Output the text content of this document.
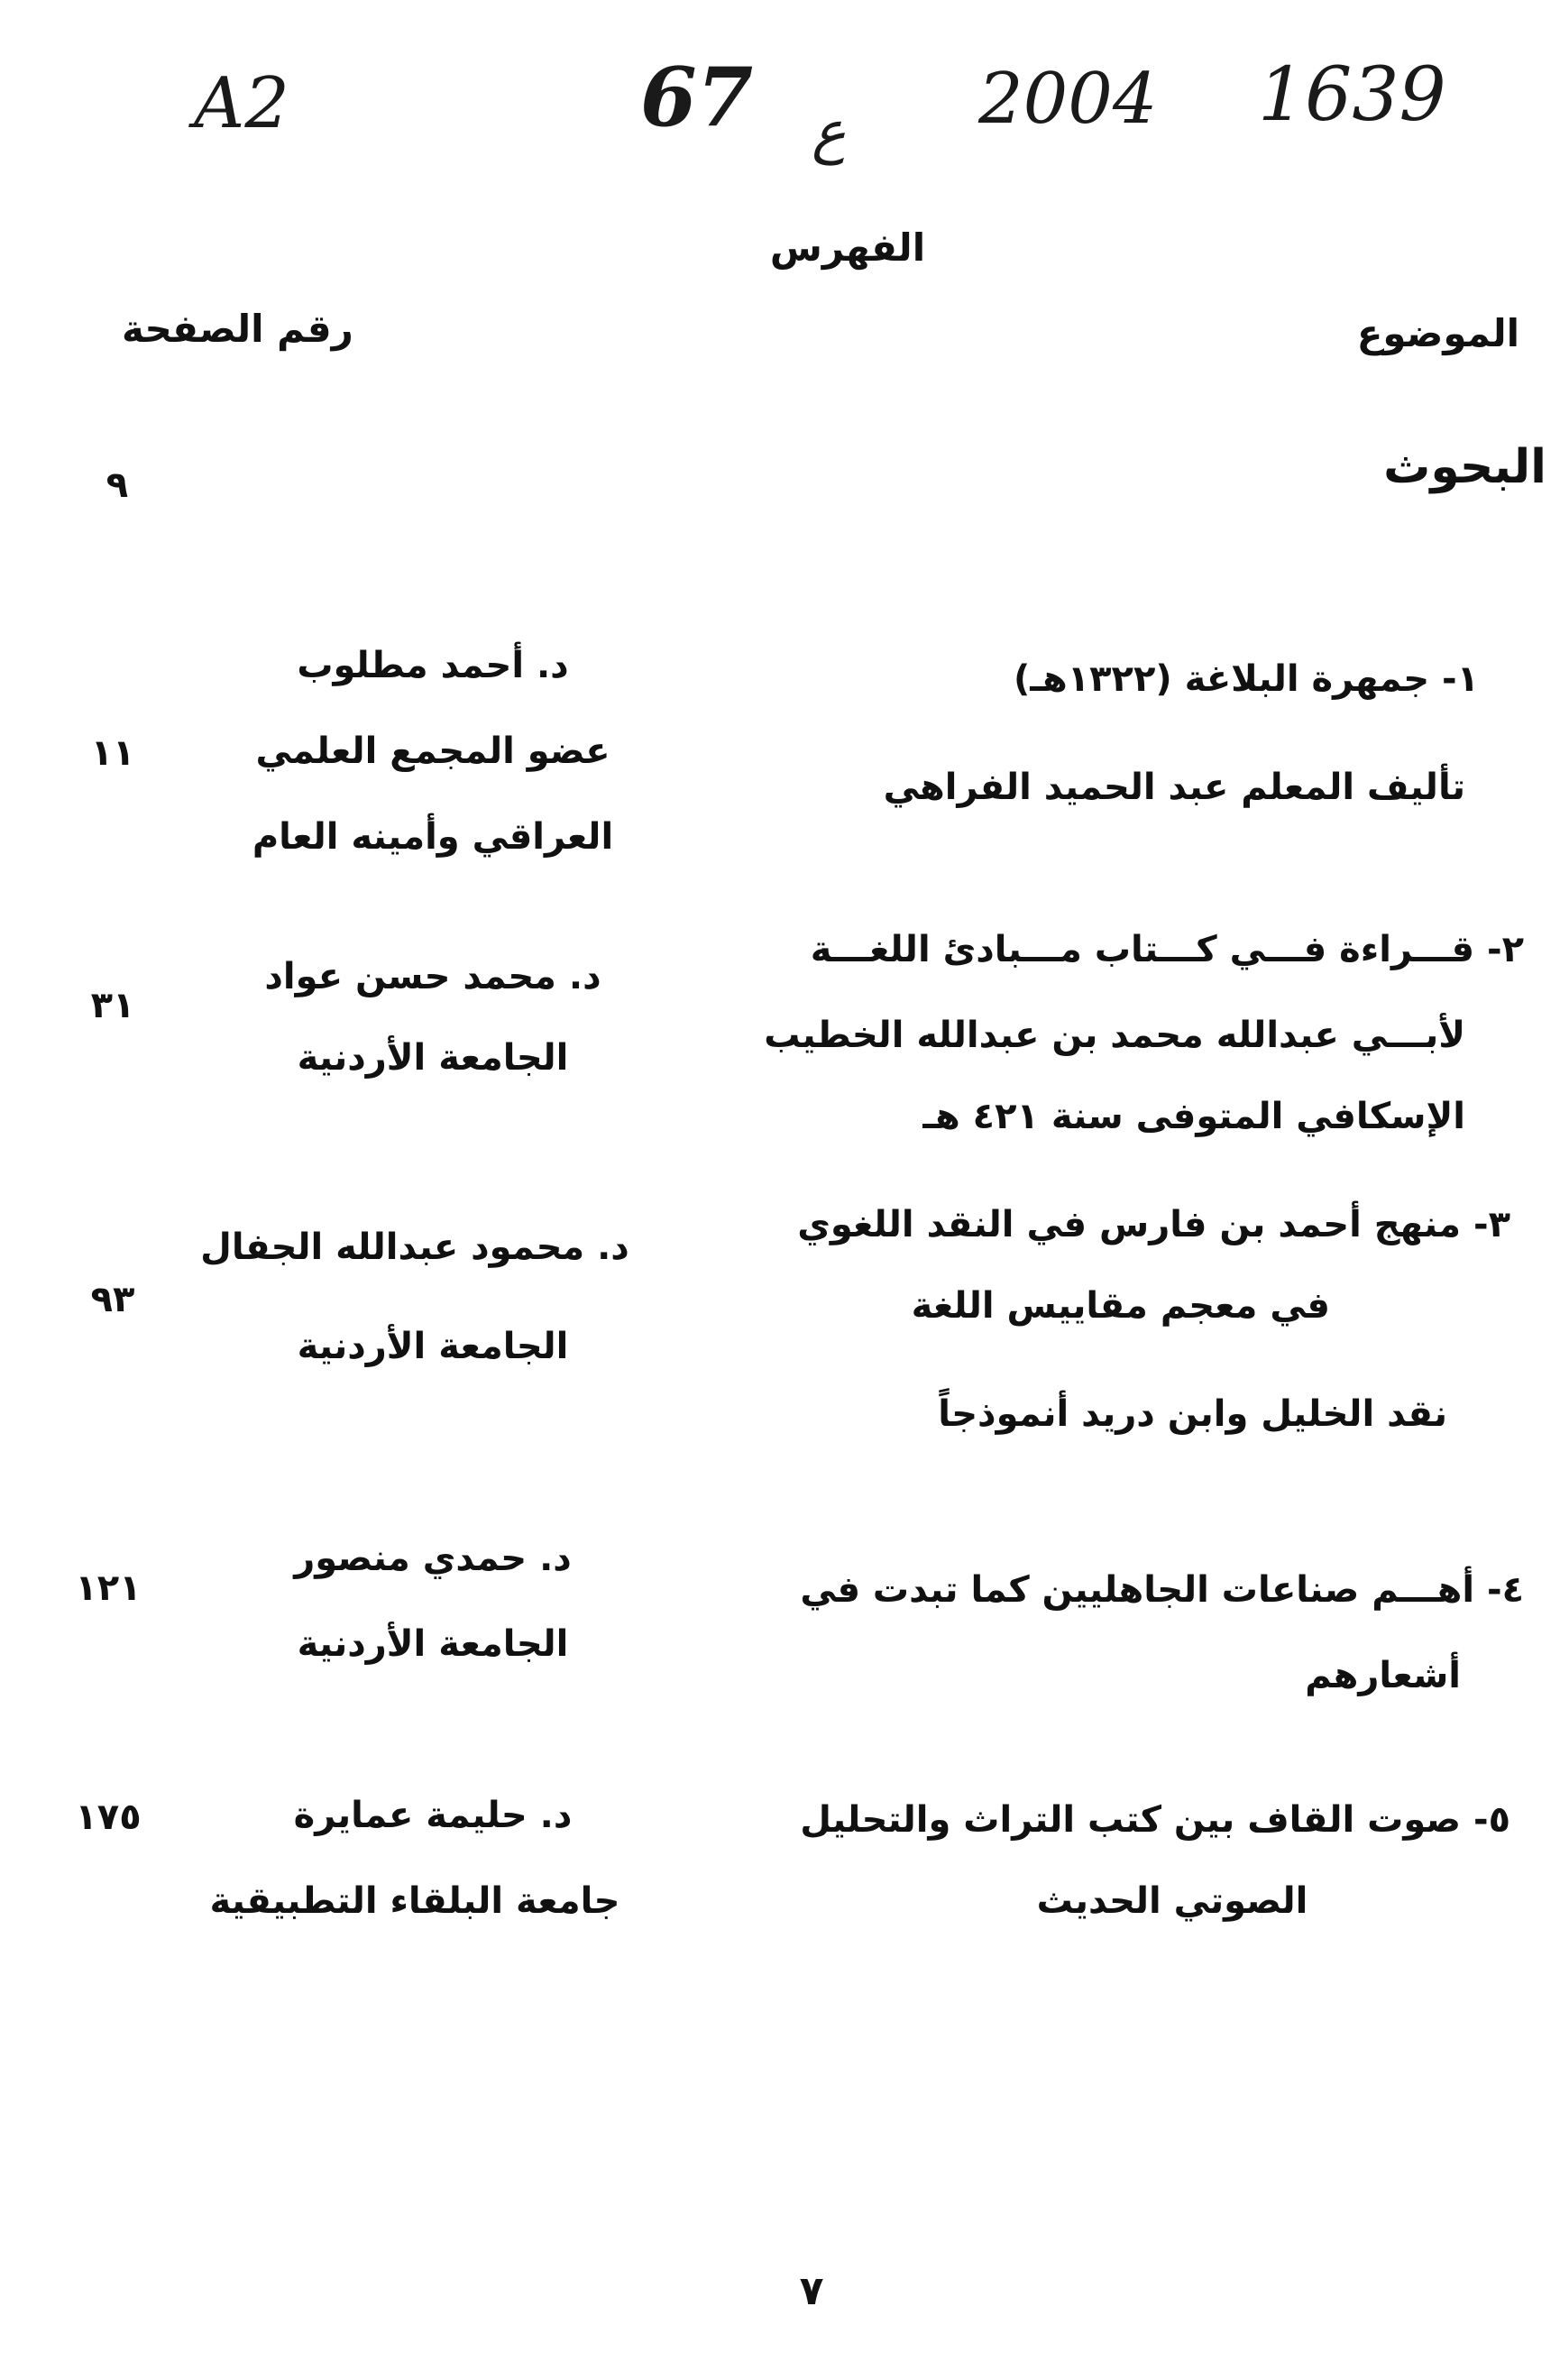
A2	67 ع 2004 1639
الفهرس
الموضوع
رقم الصفحة
البحوث
٩
١- جمهرة البلاغة (١٣٢٢هـ)
تأليف المعلم عبد الحميد الفراهي
د. أحمد مطلوب
عضو المجمع العلمي
العراقي وأمينه العام
١١
٢- قـــراءة فـــي كـــتاب مـــبادئ اللغـــة
لأبـــي عبدالله محمد بن عبدالله الخطيب
الإسكافي المتوفى سنة ٤٢١ هـ
د. محمد حسن عواد
الجامعة الأردنية
٣١
٣- منهج أحمد بن فارس في النقد اللغوي
في معجم مقاييس اللغة
نقد الخليل وابن دريد أنموذجاً
د. محمود عبدالله الجفال
الجامعة الأردنية
٩٣
٤- أهـــم صناعات الجاهليين كما تبدت في
أشعارهم
د. حمدي منصور
الجامعة الأردنية
١٢١
٥- صوت القاف بين كتب التراث والتحليل
الصوتي الحديث
د. حليمة عمايرة
جامعة البلقاء التطبيقية
١٧٥
٧
